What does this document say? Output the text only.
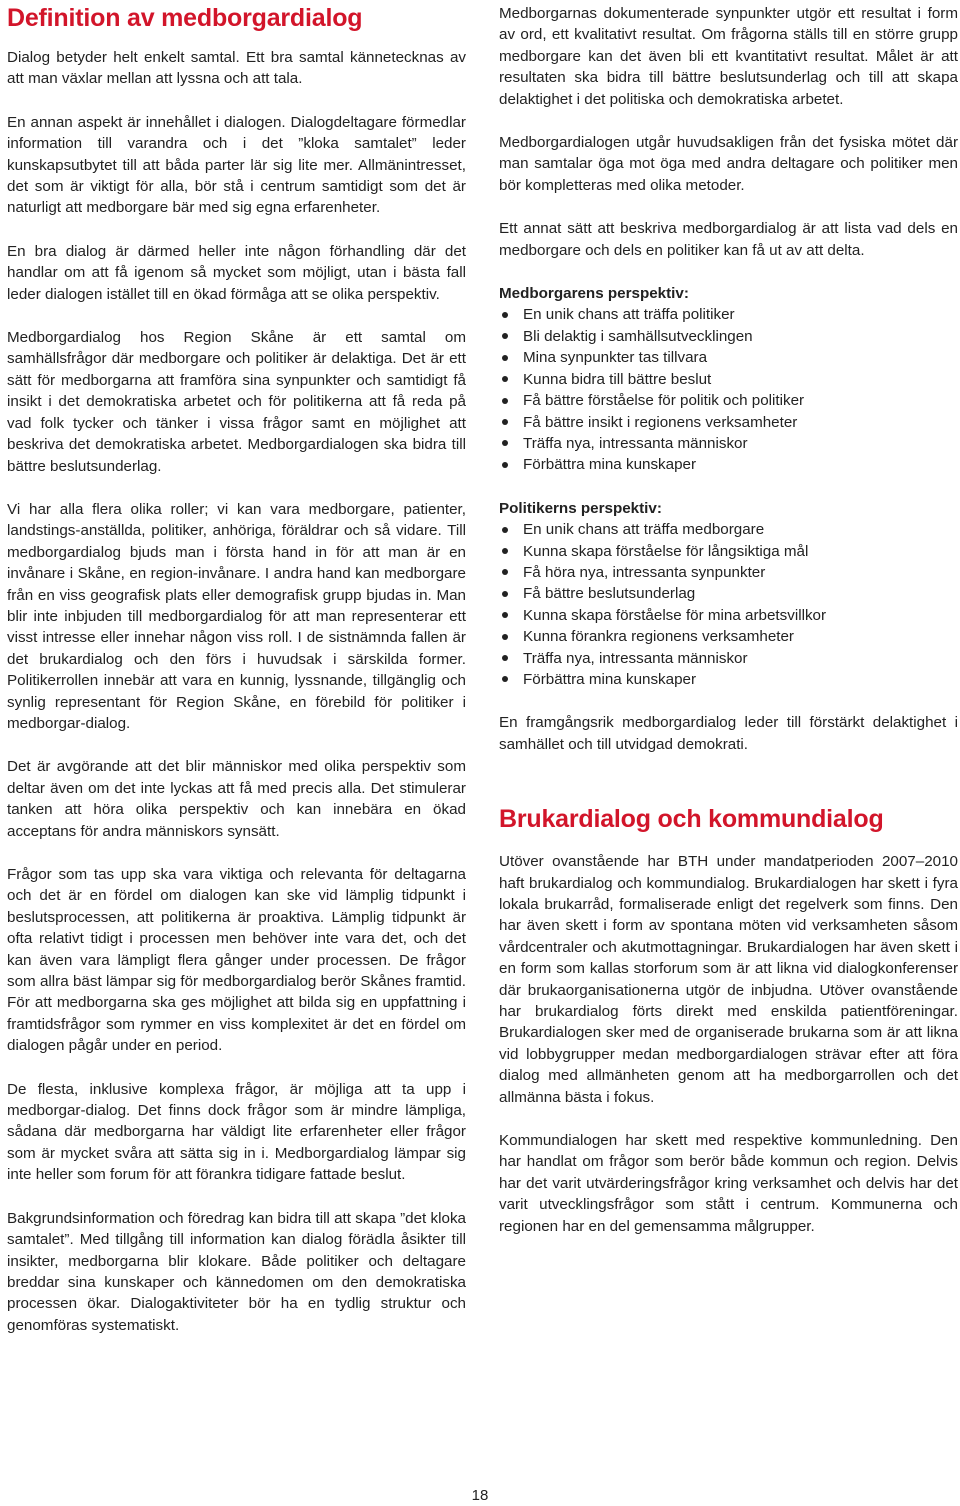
Definition av medborgardialog

Dialog betyder helt enkelt samtal. Ett bra samtal kännetecknas av att man växlar mellan att lyssna och att tala.

En annan aspekt är innehållet i dialogen. Dialogdeltagare förmedlar information till varandra och i det ”kloka samtalet” leder kunskapsutbytet till att båda parter lär sig lite mer. Allmänintresset, det som är viktigt för alla, bör stå i centrum samtidigt som det är naturligt att medborgare bär med sig egna erfarenheter.

En bra dialog är därmed heller inte någon förhandling där det handlar om att få igenom så mycket som möjligt, utan i bästa fall leder dialogen istället till en ökad förmåga att se olika perspektiv.

Medborgardialog hos Region Skåne är ett samtal om samhällsfrågor där medborgare och politiker är delaktiga. Det är ett sätt för medborgarna att framföra sina synpunkter och samtidigt få insikt i det demokratiska arbetet och för politikerna att få reda på vad folk tycker och tänker i vissa frågor samt en möjlighet att beskriva det demokratiska arbetet. Medborgardialogen ska bidra till bättre beslutsunderlag.

Vi har alla flera olika roller; vi kan vara medborgare, patienter, landstings-anställda, politiker, anhöriga, föräldrar och så vidare. Till medborgardialog bjuds man i första hand in för att man är en invånare i Skåne, en region-invånare. I andra hand kan medborgare från en viss geografisk plats eller demografisk grupp bjudas in. Man blir inte inbjuden till medborgardialog för att man representerar ett visst intresse eller innehar någon viss roll. I de sistnämnda fallen är det brukardialog och den förs i huvudsak i särskilda former. Politikerrollen innebär att vara en kunnig, lyssnande, tillgänglig och synlig representant för Region Skåne, en förebild för politiker i medborgar-dialog.

Det är avgörande att det blir människor med olika perspektiv som deltar även om det inte lyckas att få med precis alla. Det stimulerar tanken att höra olika perspektiv och kan innebära en ökad acceptans för andra människors synsätt.

Frågor som tas upp ska vara viktiga och relevanta för deltagarna och det är en fördel om dialogen kan ske vid lämplig tidpunkt i beslutsprocessen, att politikerna är proaktiva. Lämplig tidpunkt är ofta relativt tidigt i processen men behöver inte vara det, och det kan även vara lämpligt flera gånger under processen. De frågor som allra bäst lämpar sig för medborgardialog berör Skånes framtid. För att medborgarna ska ges möjlighet att bilda sig en uppfattning i framtidsfrågor som rymmer en viss komplexitet är det en fördel om dialogen pågår under en period.

De flesta, inklusive komplexa frågor, är möjliga att ta upp i medborgar-dialog. Det finns dock frågor som är mindre lämpliga, sådana där medborgarna har väldigt lite erfarenheter eller frågor som är mycket svåra att sätta sig in i. Medborgardialog lämpar sig inte heller som forum för att förankra tidigare fattade beslut.

Bakgrundsinformation och föredrag kan bidra till att skapa ”det kloka samtalet”. Med tillgång till information kan dialog förädla åsikter till insikter, medborgarna blir klokare. Både politiker och deltagare breddar sina kunskaper och kännedomen om den demokratiska processen ökar. Dialogaktiviteter bör ha en tydlig struktur och genomföras systematiskt.

Medborgarnas dokumenterade synpunkter utgör ett resultat i form av ord, ett kvalitativt resultat. Om frågorna ställs till en större grupp medborgare kan det även bli ett kvantitativt resultat. Målet är att resultaten ska bidra till bättre beslutsunderlag och till att skapa delaktighet i det politiska och demokratiska arbetet.

Medborgardialogen utgår huvudsakligen från det fysiska mötet där man samtalar öga mot öga med andra deltagare och politiker men bör kompletteras med olika metoder.

Ett annat sätt att beskriva medborgardialog är att lista vad dels en medborgare och dels en politiker kan få ut av att delta.

Medborgarens perspektiv:
En unik chans att träffa politiker
Bli delaktig i samhällsutvecklingen
Mina synpunkter tas tillvara
Kunna bidra till bättre beslut
Få bättre förståelse för politik och politiker
Få bättre insikt i regionens verksamheter
Träffa nya, intressanta människor
Förbättra mina kunskaper
Politikerns perspektiv:
En unik chans att träffa medborgare
Kunna skapa förståelse för långsiktiga mål
Få höra nya, intressanta synpunkter
Få bättre beslutsunderlag
Kunna skapa förståelse för mina arbetsvillkor
Kunna förankra regionens verksamheter
Träffa nya, intressanta människor
Förbättra mina kunskaper

En framgångsrik medborgardialog leder till förstärkt delaktighet i samhället och till utvidgad demokrati.

Brukardialog och kommundialog

Utöver ovanstående har BTH under mandatperioden 2007–2010 haft brukardialog och kommundialog. Brukardialogen har skett i fyra lokala brukarråd, formaliserade enligt det regelverk som finns. Den har även skett i form av spontana möten vid verksamheten såsom vårdcentraler och akutmottagningar. Brukardialogen har även skett i en form som kallas storforum som är att likna vid dialogkonferenser där brukaorganisationerna utgör de inbjudna. Utöver ovanstående har brukardialog förts direkt med enskilda patientföreningar. Brukardialogen sker med de organiserade brukarna som är att likna vid lobbygrupper medan medborgardialogen strävar efter att föra dialog med allmänheten genom att ha medborgarrollen och det allmänna bästa i fokus.

Kommundialogen har skett med respektive kommunledning. Den har handlat om frågor som berör både kommun och region. Delvis har det varit utvärderingsfrågor kring verksamhet och delvis har det varit utvecklingsfrågor som stått i centrum. Kommunerna och regionen har en del gemensamma målgrupper.

18
